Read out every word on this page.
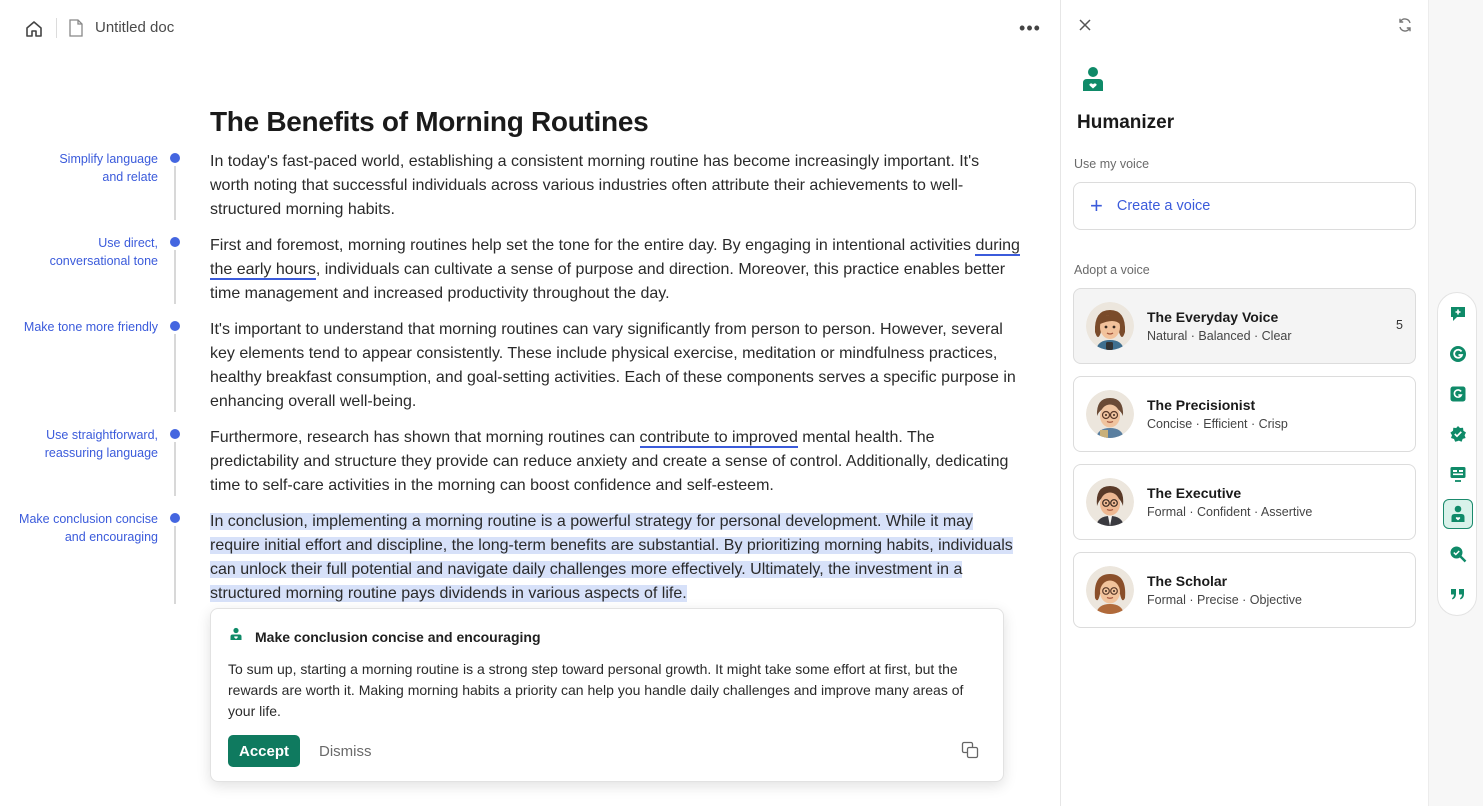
Untitled doc	•••
Simplify language
and relate
Use direct,
conversational tone
Make tone more friendly
Use straightforward,
reassuring language
Make conclusion concise
and encouraging
The Benefits of Morning Routines

In today's fast-paced world, establishing a consistent morning routine has become increasingly important. It's worth noting that successful individuals across various industries often attribute their achievements to well-structured morning habits.

First and foremost, morning routines help set the tone for the entire day. By engaging in intentional activities during the early hours, individuals can cultivate a sense of purpose and direction. Moreover, this practice enables better time management and increased productivity throughout the day.

It's important to understand that morning routines can vary significantly from person to person. However, several key elements tend to appear consistently. These include physical exercise, meditation or mindfulness practices, healthy breakfast consumption, and goal-setting activities. Each of these components serves a specific purpose in enhancing overall well-being.

Furthermore, research has shown that morning routines can contribute to improved mental health. The predictability and structure they provide can reduce anxiety and create a sense of control. Additionally, dedicating time to self-care activities in the morning can boost confidence and self-esteem.

In conclusion, implementing a morning routine is a powerful strategy for personal development. While it may require initial effort and discipline, the long-term benefits are substantial. By prioritizing morning habits, individuals can unlock their full potential and navigate daily challenges more effectively. Ultimately, the investment in a structured morning routine pays dividends in various aspects of life.

Make conclusion concise and encouraging
To sum up, starting a morning routine is a strong step toward personal growth. It might take some effort at first, but the rewards are worth it. Making morning habits a priority can help you handle daily challenges and improve many areas of your life.
Accept	Dismiss
Humanizer
Use my voice
+ Create a voice
Adopt a voice
The Everyday Voice
Natural · Balanced · Clear
5
The Precisionist
Concise · Efficient · Crisp
The Executive
Formal · Confident · Assertive
The Scholar
Formal · Precise · Objective
